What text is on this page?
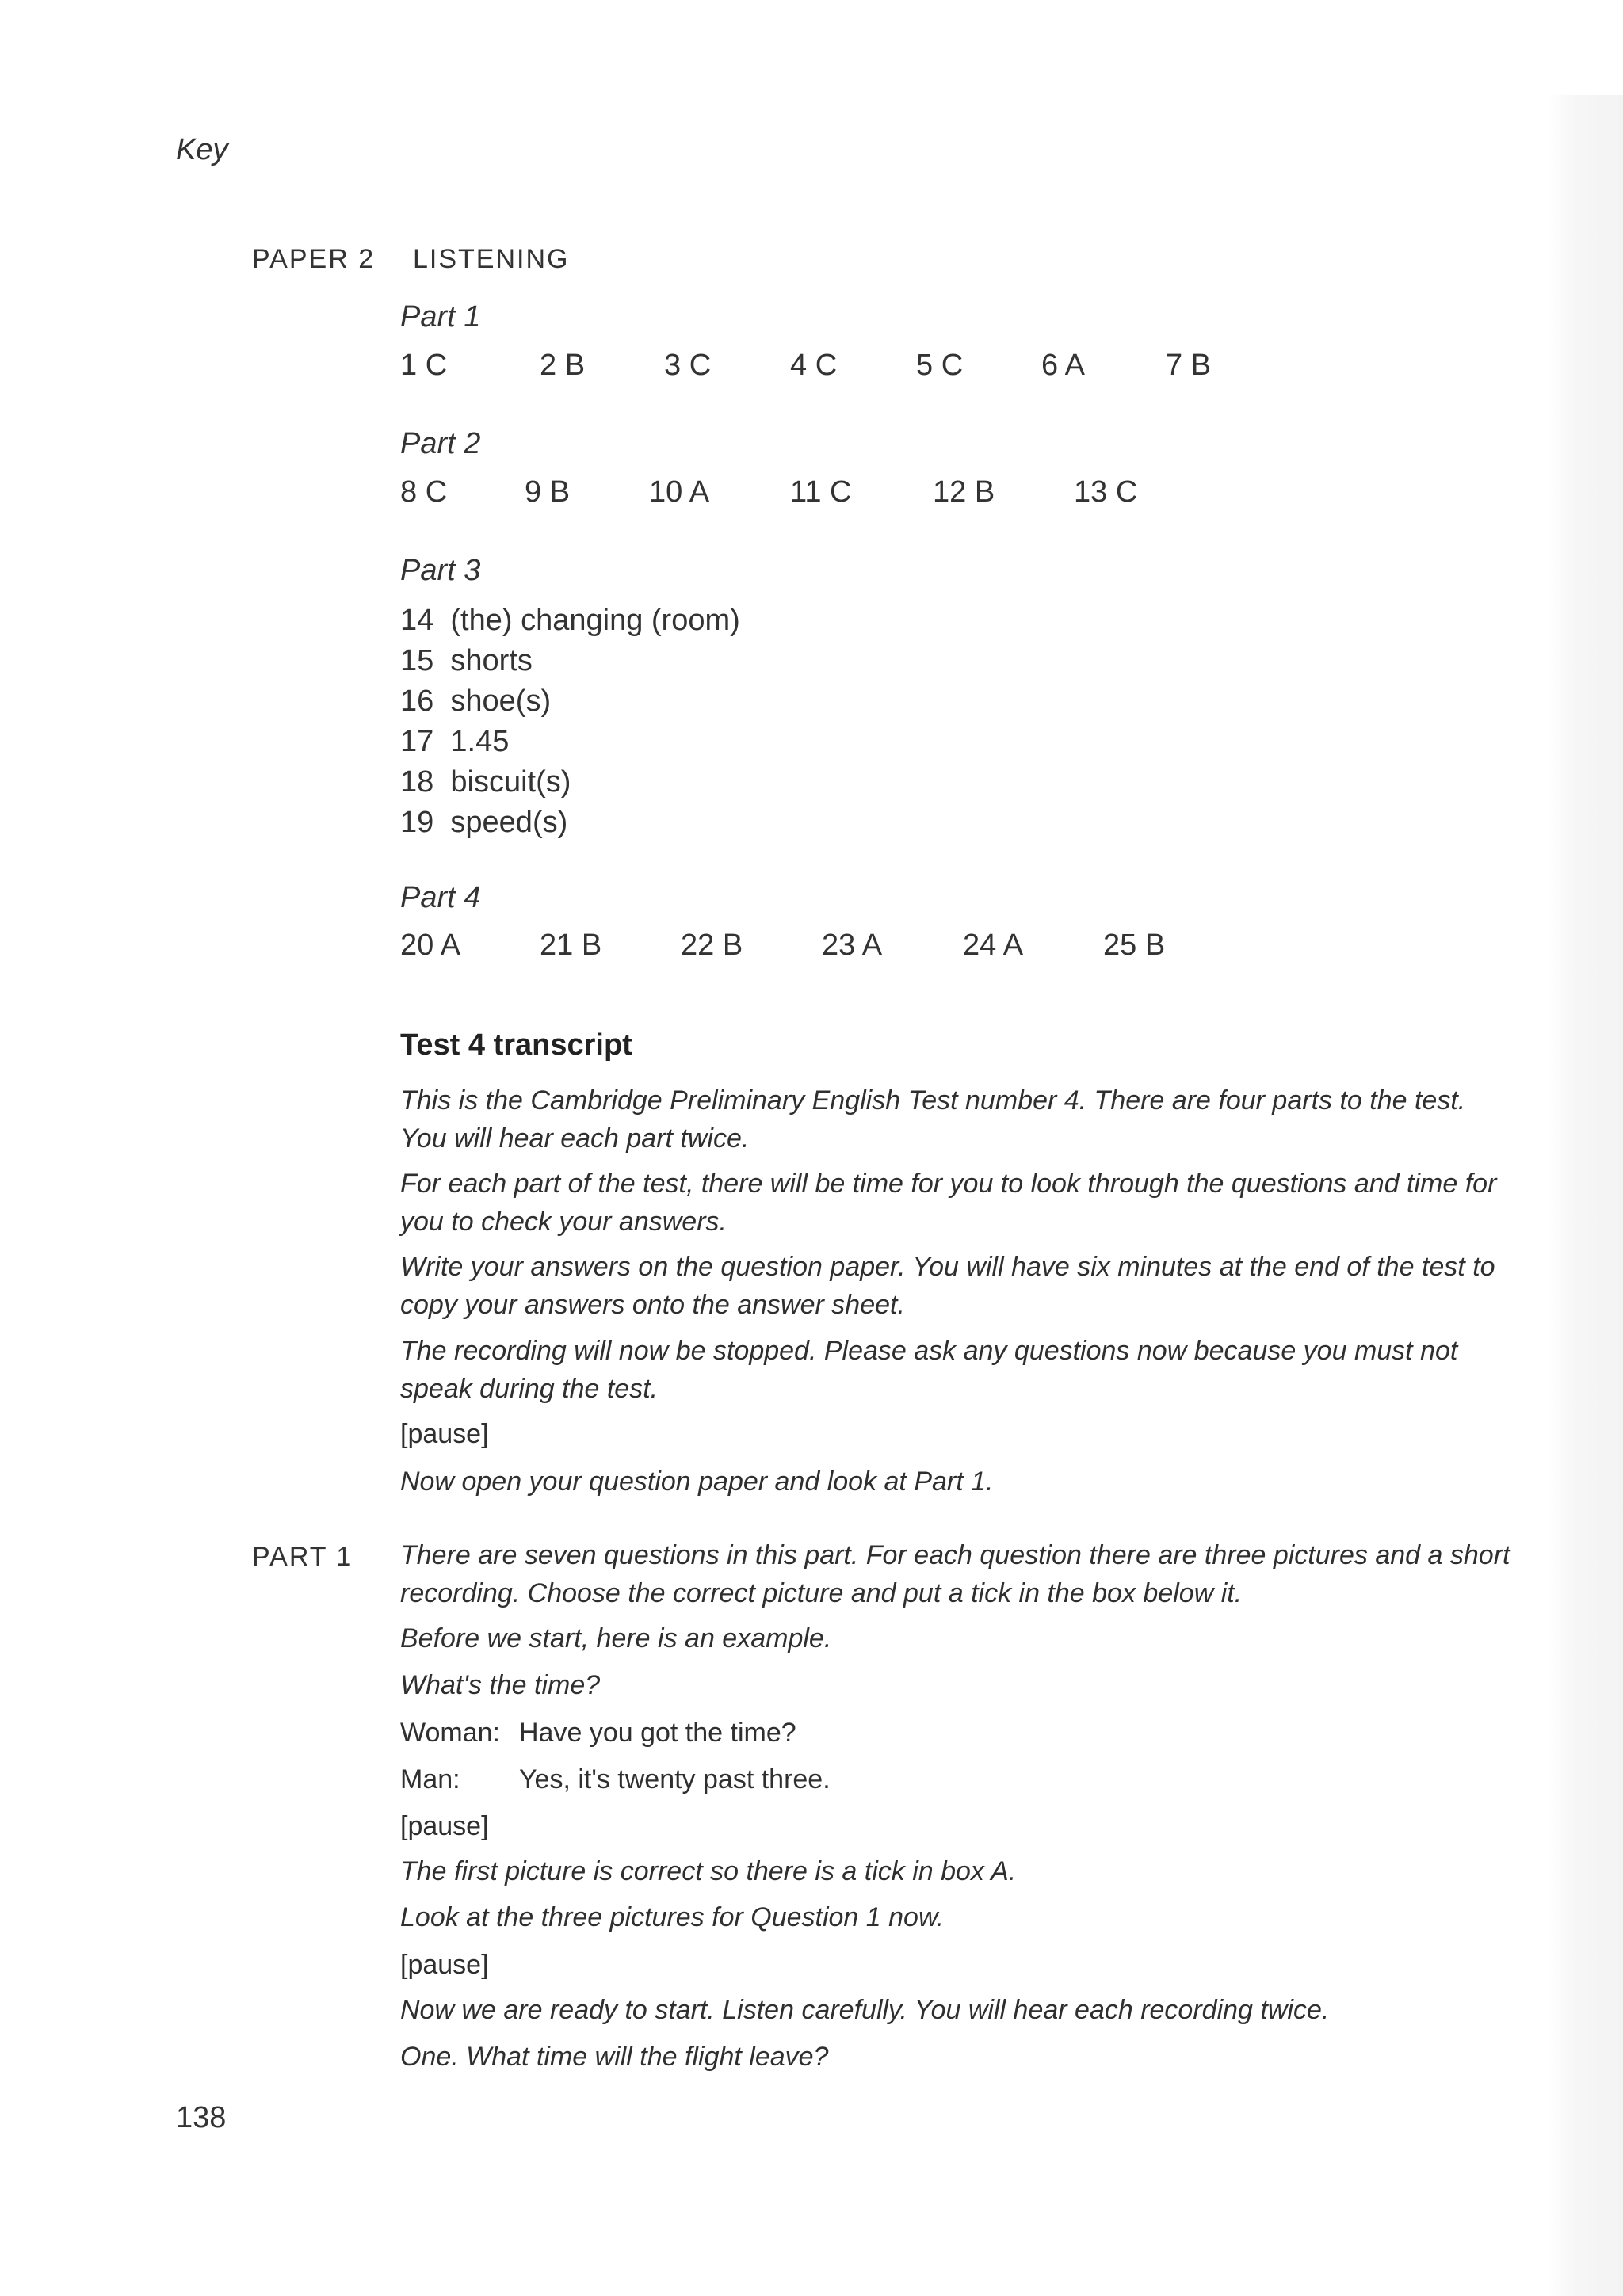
Key
PAPER 2 LISTENING
Part 1
1 C	2 B	3 C	4 C	5 C	6 A	7 B
Part 2
8 C	9 B	10 A	11 C	12 B	13 C
Part 3
14 (the) changing (room)
15 shorts
16 shoe(s)
17 1.45
18 biscuit(s)
19 speed(s)
Part 4
20 A	21 B	22 B	23 A	24 A	25 B
Test 4 transcript
This is the Cambridge Preliminary English Test number 4. There are four parts to the test. You will hear each part twice.
For each part of the test, there will be time for you to look through the questions and time for you to check your answers.
Write your answers on the question paper. You will have six minutes at the end of the test to copy your answers onto the answer sheet.
The recording will now be stopped. Please ask any questions now because you must not speak during the test.
[pause]
Now open your question paper and look at Part 1.
PART 1 There are seven questions in this part. For each question there are three pictures and a short recording. Choose the correct picture and put a tick in the box below it.
Before we start, here is an example.
What's the time?
Woman: Have you got the time?
Man:	Yes, it's twenty past three.
[pause]
The first picture is correct so there is a tick in box A.
Look at the three pictures for Question 1 now.
[pause]
Now we are ready to start. Listen carefully. You will hear each recording twice.
One. What time will the flight leave?
138
